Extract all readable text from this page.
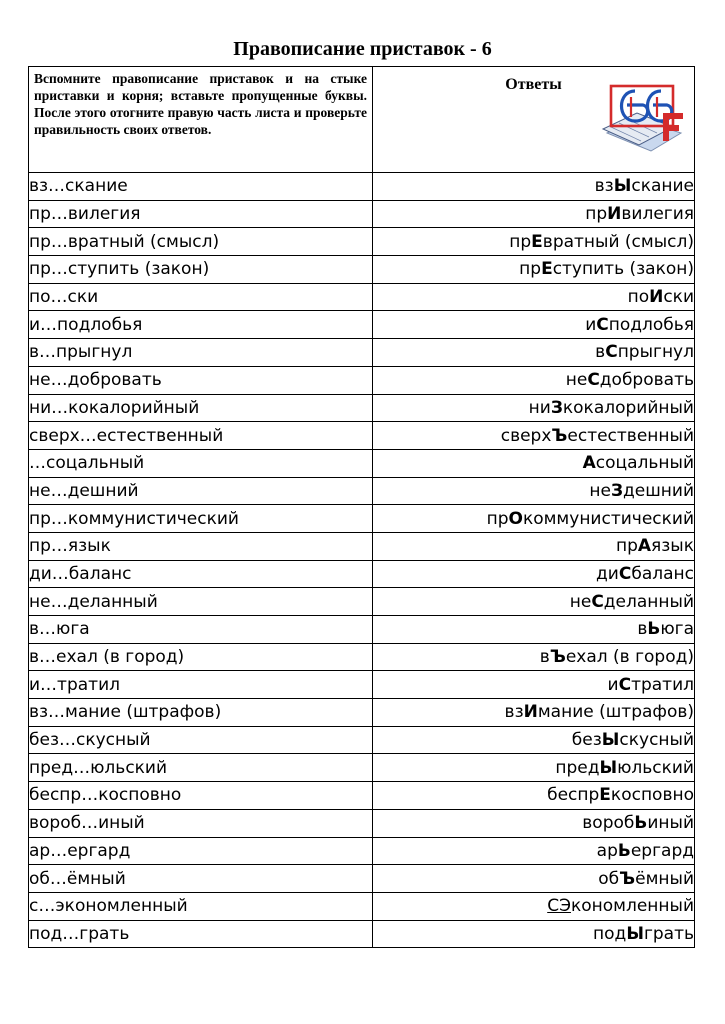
Правописание приставок - 6
Вспомните правописание приставок и на стыке приставки и корня; вставьте пропущенные буквы. После этого отогните правую часть листа и проверьте правильность своих ответов.	Ответы

вз…скание	взЫскание
пр…вилегия	прИвилегия
пр…вратный (смысл)	прЕвратный (смысл)
пр…ступить (закон)	прЕступить (закон)
по…ски	поИски
и…подлобья	иСподлобья
в…прыгнул	вСпрыгнул
не…добровать	неСдобровать
ни…кокалорийный	ниЗкокалорийный
сверх…естественный	сверхЪестественный
…соцальный	Асоцальный
не…дешний	неЗдешний
пр…коммунистический	прОкоммунистический
пр…язык	прАязык
ди…баланс	диСбаланс
не…деланный	неСделанный
в…юга	вЬюга
в…ехал (в город)	вЪехал (в город)
и…тратил	иСтратил
вз…мание (штрафов)	взИмание (штрафов)
без…скусный	безЫскусный
пред…юльский	предЫюльский
беспр…косповно	беспрЕкосповно
вороб…иный	воробЬиный
ар…ергард	арЬергард
об…ёмный	обЪёмный
с…экономленный	СЭкономленный
под…грать	подЫграть
